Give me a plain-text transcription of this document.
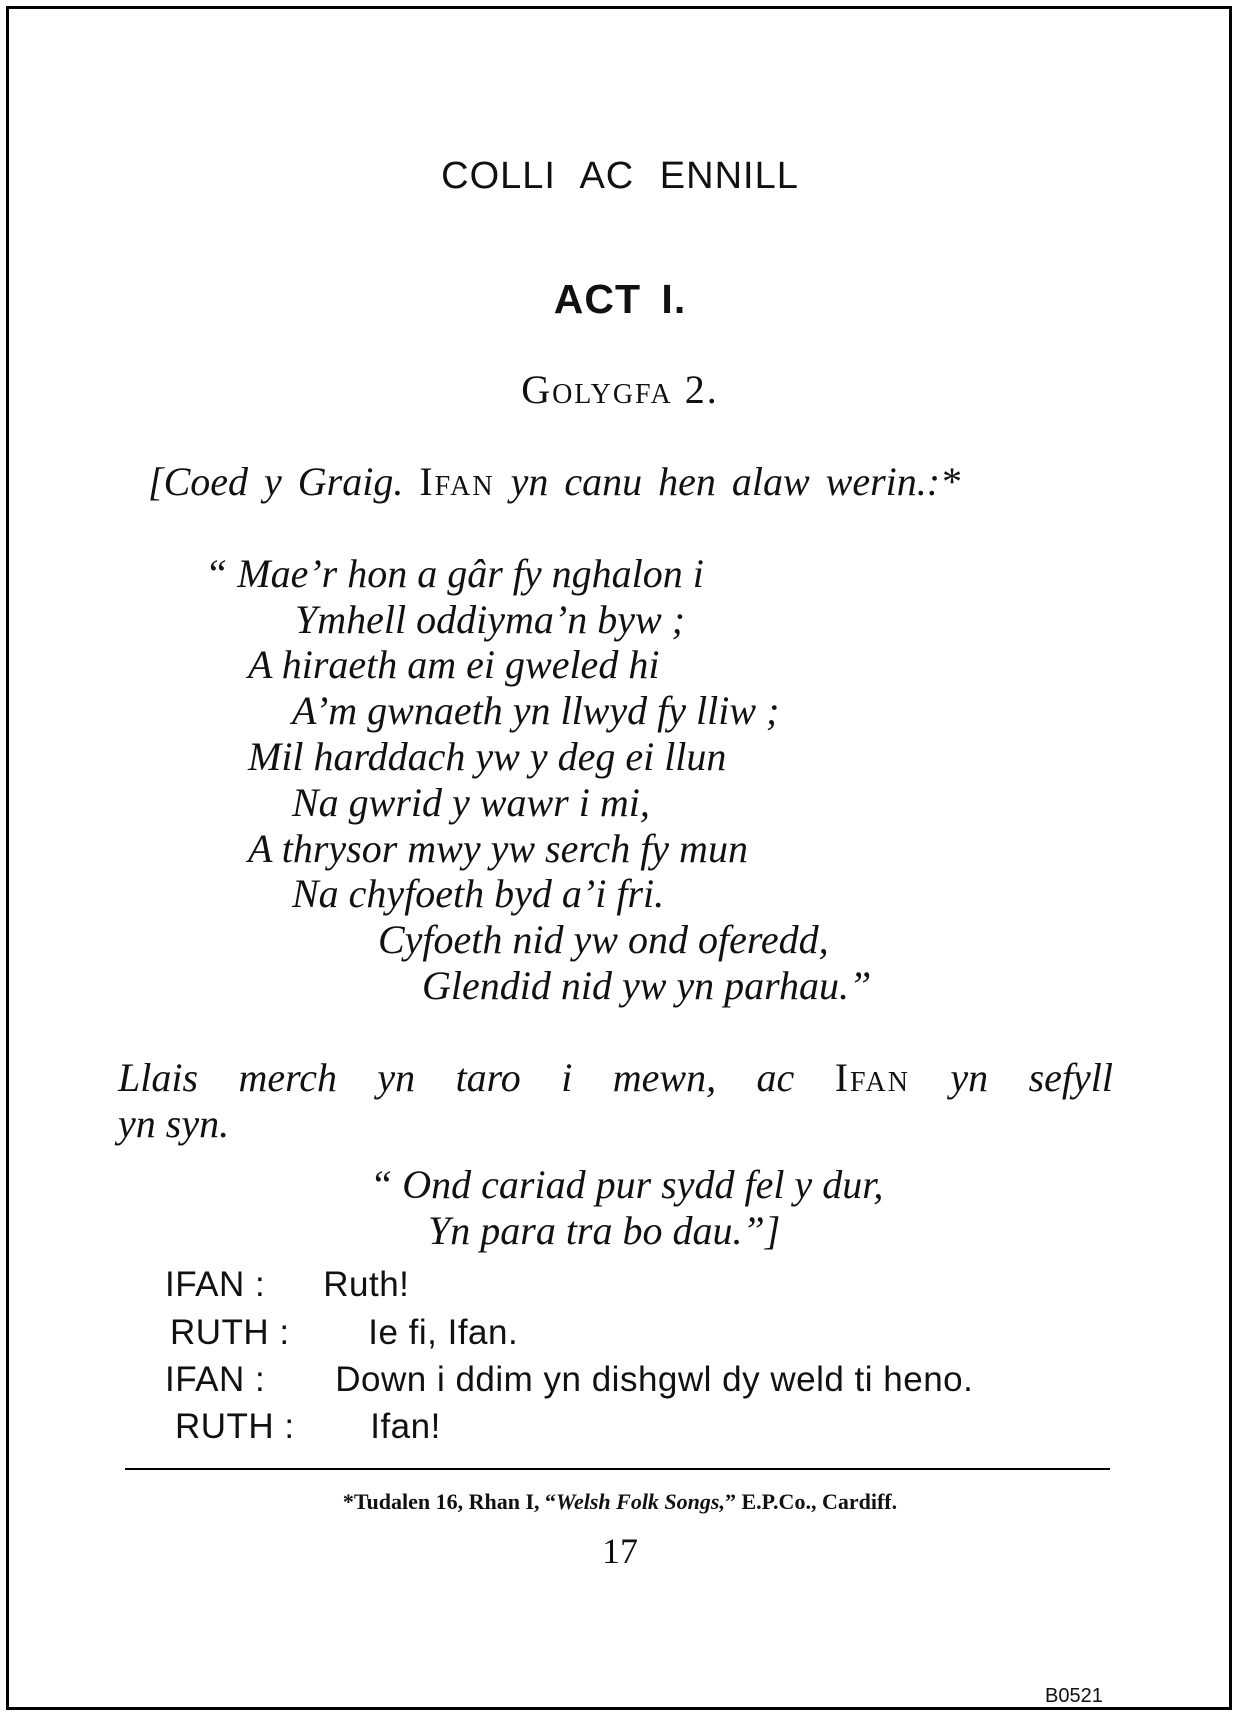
COLLI AC ENNILL
ACT I.
Golygfa 2.
[Coed y Graig. Ifan yn canu hen alaw werin.:*
“ Mae’r hon a gâr fy nghalon i
Ymhell oddiyma’n byw ;
A hiraeth am ei gweled hi
A’m gwnaeth yn llwyd fy lliw ;
Mil harddach yw y deg ei llun
Na gwrid y wawr i mi,
A thrysor mwy yw serch fy mun
Na chyfoeth byd a’i fri.
Cyfoeth nid yw ond oferedd,
Glendid nid yw yn parhau.”
Llais merch yn taro i mewn, ac Ifan yn sefyll
yn syn.
“ Ond cariad pur sydd fel y dur,
Yn para tra bo dau.”]
IFAN : Ruth!
RUTH : Ie fi, Ifan.
IFAN : Down i ddim yn dishgwl dy weld ti heno.
RUTH : Ifan!
*Tudalen 16, Rhan I, “Welsh Folk Songs,” E.P.Co., Cardiff.
17
B0521
